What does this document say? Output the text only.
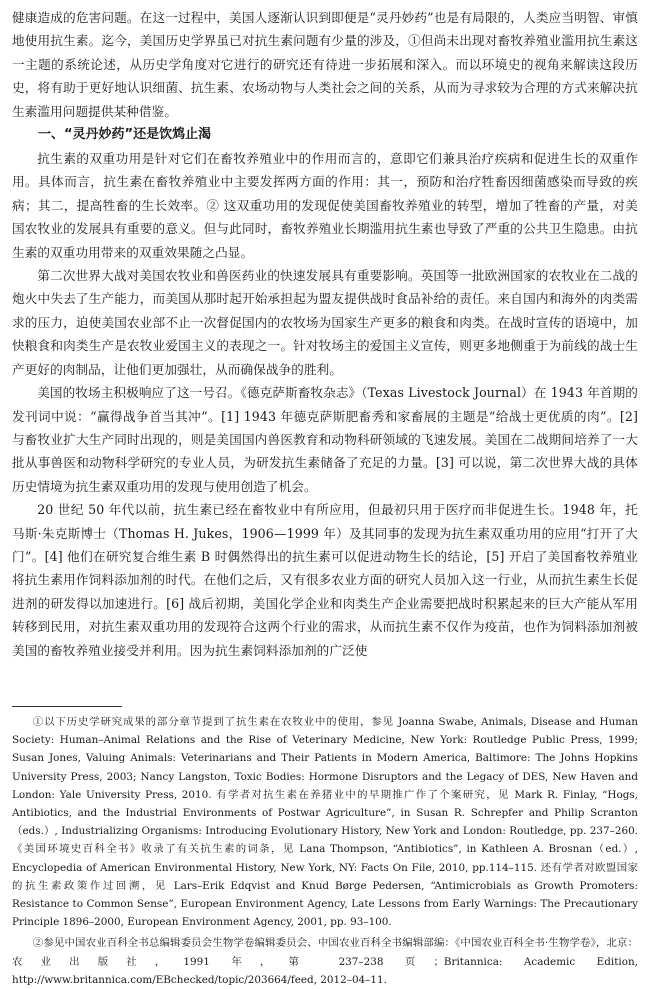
健康造成的危害问题。在这一过程中，美国人逐渐认识到即便是“灵丹妙药”也是有局限的，人类应当明智、审慎地使用抗生素。迄今，美国历史学界虽已对抗生素问题有少量的涉及，①但尚未出现对畜牧养殖业滥用抗生素这一主题的系统论述，从历史学角度对它进行的研究还有待进一步拓展和深入。而以环境史的视角来解读这段历史，将有助于更好地认识细菌、抗生素、农场动物与人类社会之间的关系，从而为寻求较为合理的方式来解决抗生素滥用问题提供某种借鉴。

一、“灵丹妙药”还是饮鸩止渴

抗生素的双重功用是针对它们在畜牧养殖业中的作用而言的，意即它们兼具治疗疾病和促进生长的双重作用。具体而言，抗生素在畜牧养殖业中主要发挥两方面的作用：其一，预防和治疗牲畜因细菌感染而导致的疾病；其二，提高牲畜的生长效率。② 这双重功用的发现促使美国畜牧养殖业的转型，增加了牲畜的产量，对美国农牧业的发展具有重要的意义。但与此同时，畜牧养殖业长期滥用抗生素也导致了严重的公共卫生隐患。由抗生素的双重功用带来的双重效果随之凸显。

第二次世界大战对美国农牧业和兽医药业的快速发展具有重要影响。英国等一批欧洲国家的农牧业在二战的炮火中失去了生产能力，而美国从那时起开始承担起为盟友提供战时食品补给的责任。来自国内和海外的肉类需求的压力，迫使美国农业部不止一次督促国内的农牧场为国家生产更多的粮食和肉类。在战时宣传的语境中，加快粮食和肉类生产是农牧业爱国主义的表现之一。针对牧场主的爱国主义宣传，则更多地侧重于为前线的战士生产更好的肉制品，让他们更加强壮，从而确保战争的胜利。

美国的牧场主积极响应了这一号召。《德克萨斯畜牧杂志》（Texas Livestock Journal）在 1943 年首期的发刊词中说：“赢得战争首当其冲”。[1] 1943 年德克萨斯肥畜秀和家畜展的主题是“给战士更优质的肉”。[2] 与畜牧业扩大生产同时出现的，则是美国国内兽医教育和动物科研领域的飞速发展。美国在二战期间培养了一大批从事兽医和动物科学研究的专业人员，为研发抗生素储备了充足的力量。[3] 可以说，第二次世界大战的具体历史情境为抗生素双重功用的发现与使用创造了机会。

20 世纪 50 年代以前，抗生素已经在畜牧业中有所应用，但最初只用于医疗而非促进生长。1948 年，托马斯·朱克斯博士（Thomas H. Jukes，1906—1999 年）及其同事的发现为抗生素双重功用的应用“打开了大门”。[4] 他们在研究复合维生素 B 时偶然得出的抗生素可以促进动物生长的结论，[5] 开启了美国畜牧养殖业将抗生素用作饲料添加剂的时代。在他们之后，又有很多农业方面的研究人员加入这一行业，从而抗生素生长促进剂的研发得以加速进行。[6] 战后初期，美国化学企业和肉类生产企业需要把战时积累起来的巨大产能从军用转移到民用，对抗生素双重功用的发现符合这两个行业的需求，从而抗生素不仅作为疫苗，也作为饲料添加剂被美国的畜牧养殖业接受并利用。因为抗生素饲料添加剂的广泛使

①以下历史学研究成果的部分章节提到了抗生素在农牧业中的使用，参见 Joanna Swabe, Animals, Disease and Human Society: Human–Animal Relations and the Rise of Veterinary Medicine, New York: Routledge Public Press, 1999; Susan Jones, Valuing Animals: Veterinarians and Their Patients in Modern America, Baltimore: The Johns Hopkins University Press, 2003; Nancy Langston, Toxic Bodies: Hormone Disruptors and the Legacy of DES, New Haven and London: Yale University Press, 2010. 有学者对抗生素在养猪业中的早期推广作了个案研究，见 Mark R. Finlay, “Hogs, Antibiotics, and the Industrial Environments of Postwar Agriculture”, in Susan R. Schrepfer and Philip Scranton（eds.）, Industrializing Organisms: Introducing Evolutionary History, New York and London: Routledge, pp. 237–260.《美国环境史百科全书》收录了有关抗生素的词条，见 Lana Thompson, “Antibiotics”, in Kathleen A. Brosnan（ed.）, Encyclopedia of American Environmental History, New York, NY: Facts On File, 2010, pp.114–115. 还有学者对欧盟国家的抗生素政策作过回溯，见 Lars–Erik Edqvist and Knud Børge Pedersen, “Antimicrobials as Growth Promoters: Resistance to Common Sense”, European Environment Agency, Late Lessons from Early Warnings: The Precautionary Principle 1896–2000, European Environment Agency, 2001, pp. 93–100.

②参见中国农业百科全书总编辑委员会生物学卷编辑委员会、中国农业百科全书编辑部编：《中国农业百科全书·生物学卷》，北京：农业出版社，1991 年，第 237–238 页；Britannica: Academic Edition, http://www.britannica.com/EBchecked/topic/203664/feed, 2012–04–11.
